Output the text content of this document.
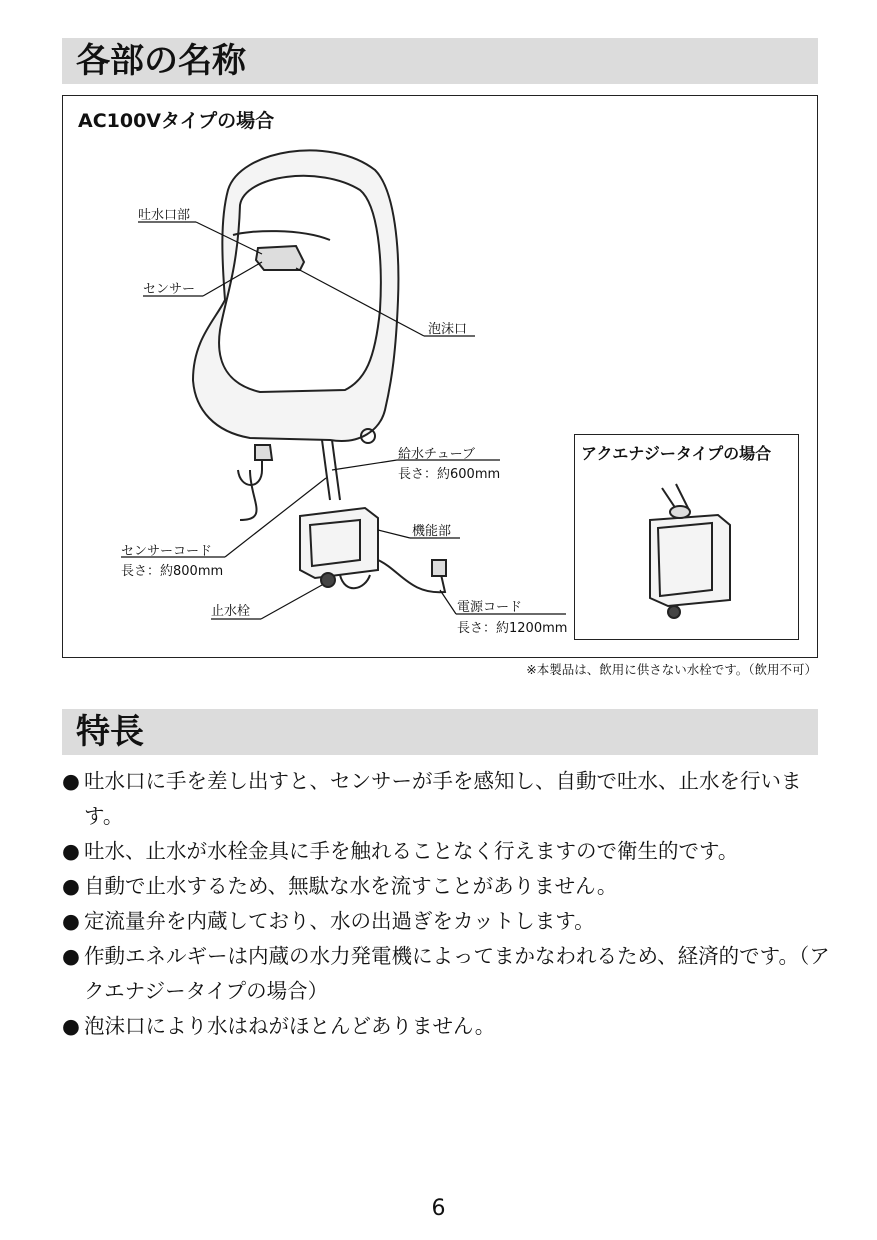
各部の名称
AC100Vタイプの場合
吐水口部
センサー
泡沫口
給水チューブ
長さ：約600mm
機能部
センサーコード
長さ：約800mm
止水栓	電源コード
長さ：約1200mm
アクエナジータイプの場合
※本製品は、飲用に供さない水栓です。（飲用不可）
特長
● 吐水口に手を差し出すと、センサーが手を感知し、自動で吐水、止水を行います。
● 吐水、止水が水栓金具に手を触れることなく行えますので衛生的です。
● 自動で止水するため、無駄な水を流すことがありません。
● 定流量弁を内蔵しており、水の出過ぎをカットします。
● 作動エネルギーは内蔵の水力発電機によってまかなわれるため、経済的です。（アクエナジータイプの場合）
● 泡沫口により水はねがほとんどありません。
6
